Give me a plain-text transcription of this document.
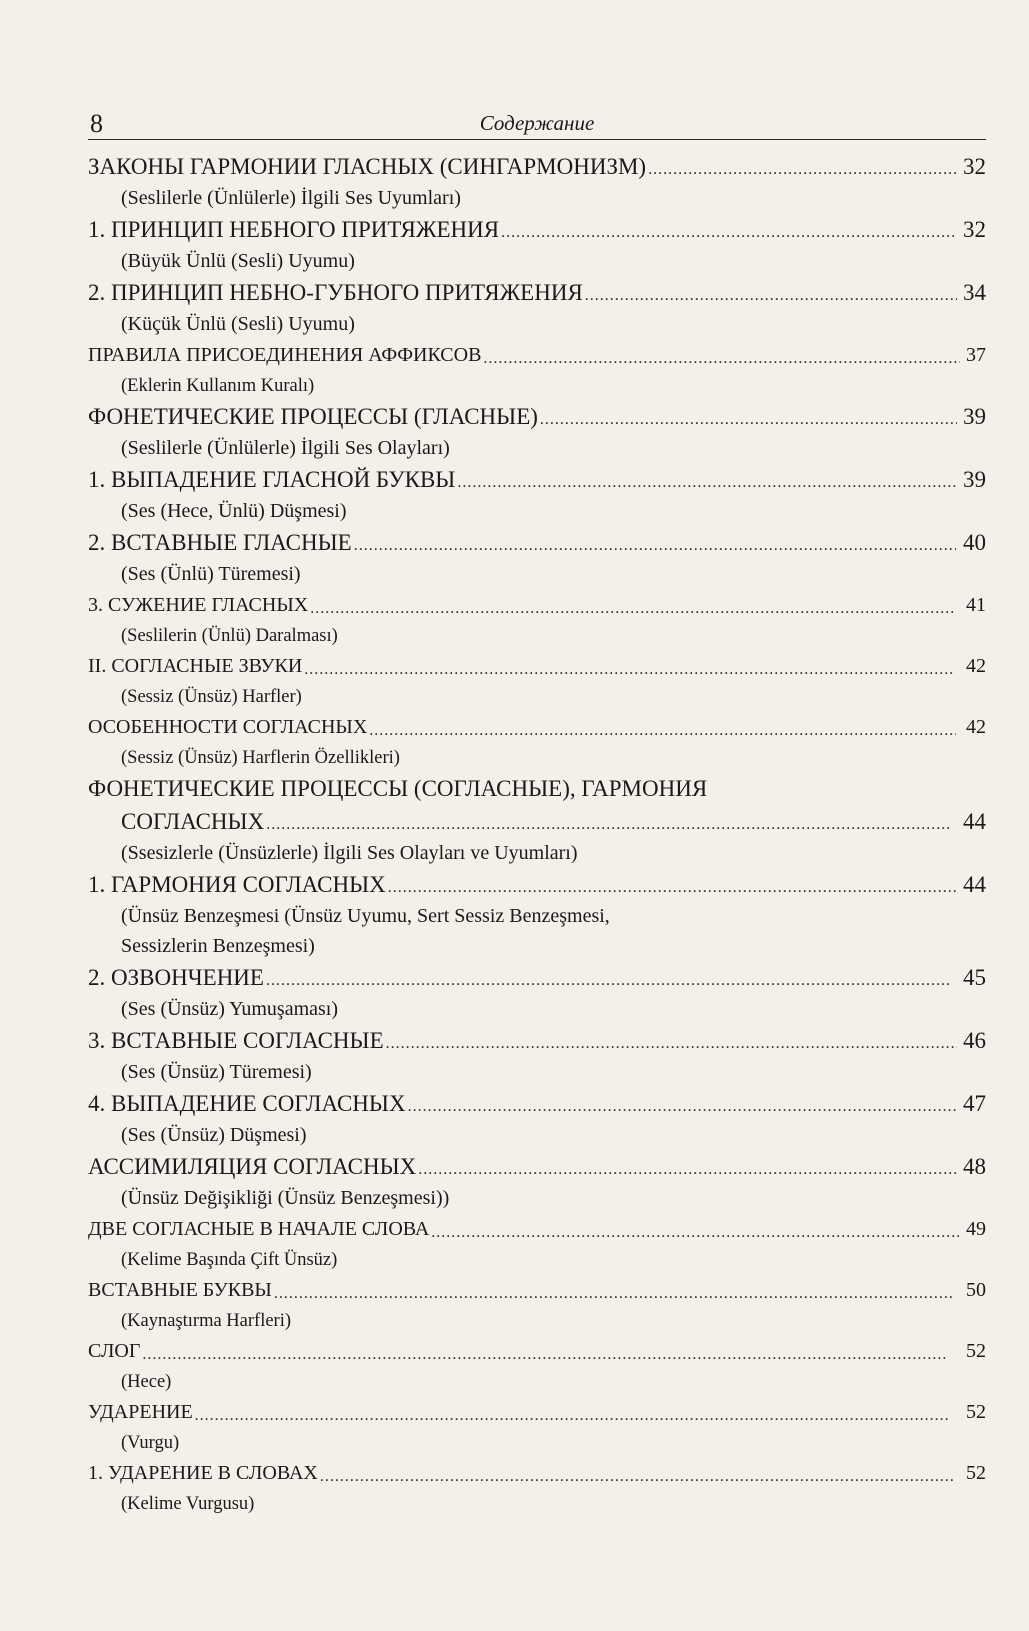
8	Содержание
ЗАКОНЫ ГАРМОНИИ ГЛАСНЫХ (СИНГАРМОНИЗМ) .....	32
(Seslilerle (Ünlülerle) İlgili Ses Uyumları)
1. ПРИНЦИП НЕБНОГО ПРИТЯЖЕНИЯ .....	32
(Büyük Ünlü (Sesli) Uyumu)
2. ПРИНЦИП НЕБНО-ГУБНОГО ПРИТЯЖЕНИЯ .....	34
(Küçük Ünlü (Sesli) Uyumu)
ПРАВИЛА ПРИСОЕДИНЕНИЯ АФФИКСОВ .....	37
(Eklerin Kullanım Kuralı)
ФОНЕТИЧЕСКИЕ ПРОЦЕССЫ (ГЛАСНЫЕ) .....	39
(Seslilerle (Ünlülerle) İlgili Ses Olayları)
1. ВЫПАДЕНИЕ ГЛАСНОЙ БУКВЫ .....	39
(Ses (Hece, Ünlü) Düşmesi)
2. ВСТАВНЫЕ ГЛАСНЫЕ .....	40
(Ses (Ünlü) Türemesi)
3. СУЖЕНИЕ ГЛАСНЫХ .....	41
(Seslilerin (Ünlü) Daralması)
II. СОГЛАСНЫЕ ЗВУКИ .....	42
(Sessiz (Ünsüz) Harfler)
ОСОБЕННОСТИ СОГЛАСНЫХ .....	42
(Sessiz (Ünsüz) Harflerin Özellikleri)
ФОНЕТИЧЕСКИЕ ПРОЦЕССЫ (СОГЛАСНЫЕ), ГАРМОНИЯ
СОГЛАСНЫХ .....	44
(Ssesizlerle (Ünsüzlerle) İlgili Ses Olayları ve Uyumları)
1. ГАРМОНИЯ СОГЛАСНЫХ .....	44
(Ünsüz Benzeşmesi (Ünsüz Uyumu, Sert Sessiz Benzeşmesi,
Sessizlerin Benzeşmesi)
2. ОЗВОНЧЕНИЕ .....	45
(Ses (Ünsüz) Yumuşaması)
3. ВСТАВНЫЕ СОГЛАСНЫЕ .....	46
(Ses (Ünsüz) Türemesi)
4. ВЫПАДЕНИЕ СОГЛАСНЫХ .....	47
(Ses (Ünsüz) Düşmesi)
АССИМИЛЯЦИЯ СОГЛАСНЫХ .....	48
(Ünsüz Değişikliği (Ünsüz Benzeşmesi))
ДВЕ СОГЛАСНЫЕ В НАЧАЛЕ СЛОВА .....	49
(Kelime Başında Çift Ünsüz)
ВСТАВНЫЕ БУКВЫ .....	50
(Kaynaştırma Harfleri)
СЛОГ .....	52
(Hece)
УДАРЕНИЕ .....	52
(Vurgu)
1. УДАРЕНИЕ В СЛОВАХ .....	52
(Kelime Vurgusu)
